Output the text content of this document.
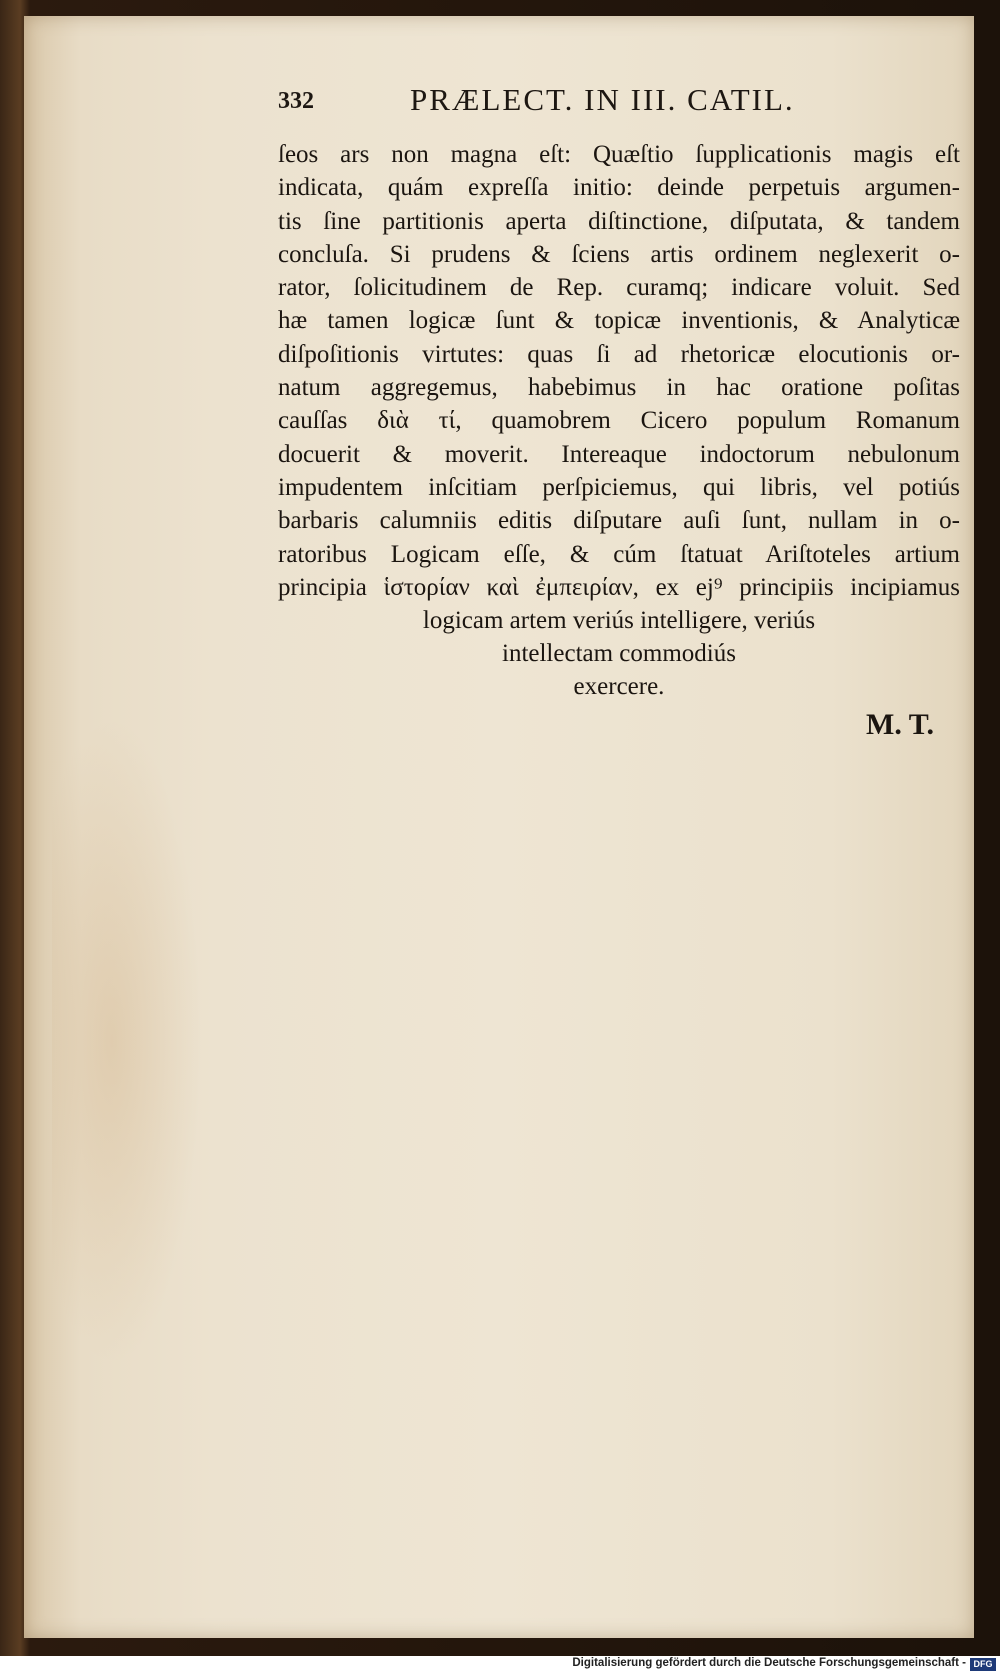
332	PRÆLECT. IN III. CATIL.
ſeos ars non magna eſt: Quæſtio ſupplicationis magis eſt
indicata, quám expreſſa initio: deinde perpetuis argumen-
tis ſine partitionis aperta diſtinctione, diſputata, & tandem
concluſa. Si prudens & ſciens artis ordinem neglexerit o-
rator, ſolicitudinem de Rep. curamq; indicare voluit. Sed
hæ tamen logicæ ſunt & topicæ inventionis, & Analyticæ
diſpoſitionis virtutes: quas ſi ad rhetoricæ elocutionis or-
natum aggregemus, habebimus in hac oratione poſitas
cauſſas διὰ τί, quamobrem Cicero populum Romanum
docuerit & moverit. Intereaque indoctorum nebulonum
impudentem inſcitiam perſpiciemus, qui libris, vel potiús
barbaris calumniis editis diſputare auſi ſunt, nullam in o-
ratoribus Logicam eſſe, & cúm ſtatuat Ariſtoteles artium
principia ἱστορίαν καὶ ἐμπειρίαν, ex ej⁹ principiis incipiamus
logicam artem veriús intelligere, veriús
intellectam commodiús
exercere.
M. T.
Digitalisierung gefördert durch die Deutsche Forschungsgemeinschaft - DFG
